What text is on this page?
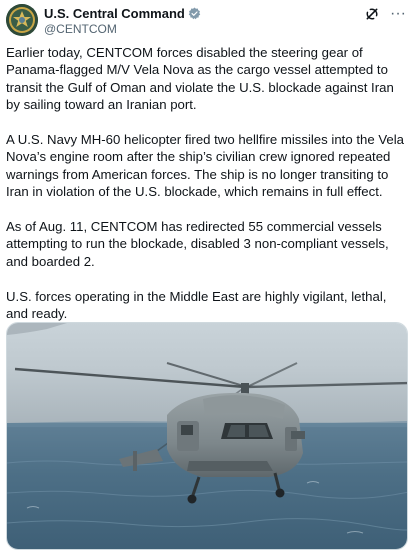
U.S. Central Command
@CENTCOM
···

Earlier today, CENTCOM forces disabled the steering gear of Panama-flagged M/V Vela Nova as the cargo vessel attempted to transit the Gulf of Oman and violate the U.S. blockade against Iran by sailing toward an Iranian port.

A U.S. Navy MH-60 helicopter fired two hellfire missiles into the Vela Nova’s engine room after the ship’s civilian crew ignored repeated warnings from American forces. The ship is no longer transiting to Iran in violation of the U.S. blockade, which remains in full effect.

As of Aug. 11, CENTCOM has redirected 55 commercial vessels attempting to run the blockade, disabled 3 non-compliant vessels, and boarded 2.

U.S. forces operating in the Middle East are highly vigilant, lethal, and ready.
